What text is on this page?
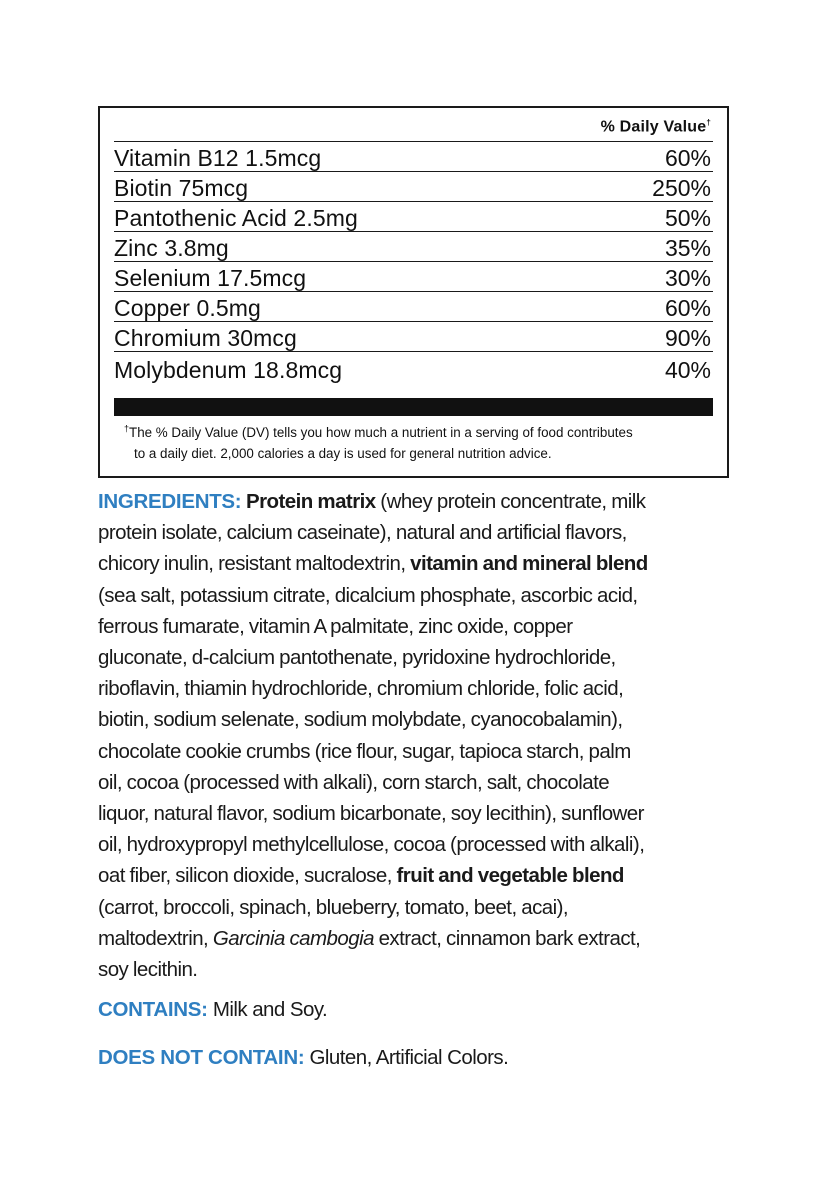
% Daily Value†
Vitamin B12 1.5mcg	60%
Biotin 75mcg	250%
Pantothenic Acid 2.5mg	50%
Zinc 3.8mg	35%
Selenium 17.5mcg	30%
Copper 0.5mg	60%
Chromium 30mcg	90%
Molybdenum 18.8mcg	40%
†The % Daily Value (DV) tells you how much a nutrient in a serving of food contributes
to a daily diet. 2,000 calories a day is used for general nutrition advice.

INGREDIENTS: Protein matrix (whey protein concentrate, milk

protein isolate, calcium caseinate), natural and artificial flavors,

chicory inulin, resistant maltodextrin, vitamin and mineral blend

(sea salt, potassium citrate, dicalcium phosphate, ascorbic acid,

ferrous fumarate, vitamin A palmitate, zinc oxide, copper

gluconate, d-calcium pantothenate, pyridoxine hydrochloride,

riboflavin, thiamin hydrochloride, chromium chloride, folic acid,

biotin, sodium selenate, sodium molybdate, cyanocobalamin),

chocolate cookie crumbs (rice flour, sugar, tapioca starch, palm

oil, cocoa (processed with alkali), corn starch, salt, chocolate

liquor, natural flavor, sodium bicarbonate, soy lecithin), sunflower

oil, hydroxypropyl methylcellulose, cocoa (processed with alkali),

oat fiber, silicon dioxide, sucralose, fruit and vegetable blend

(carrot, broccoli, spinach, blueberry, tomato, beet, acai),

maltodextrin, Garcinia cambogia extract, cinnamon bark extract,

soy lecithin.

CONTAINS: Milk and Soy.
DOES NOT CONTAIN: Gluten, Artificial Colors.
